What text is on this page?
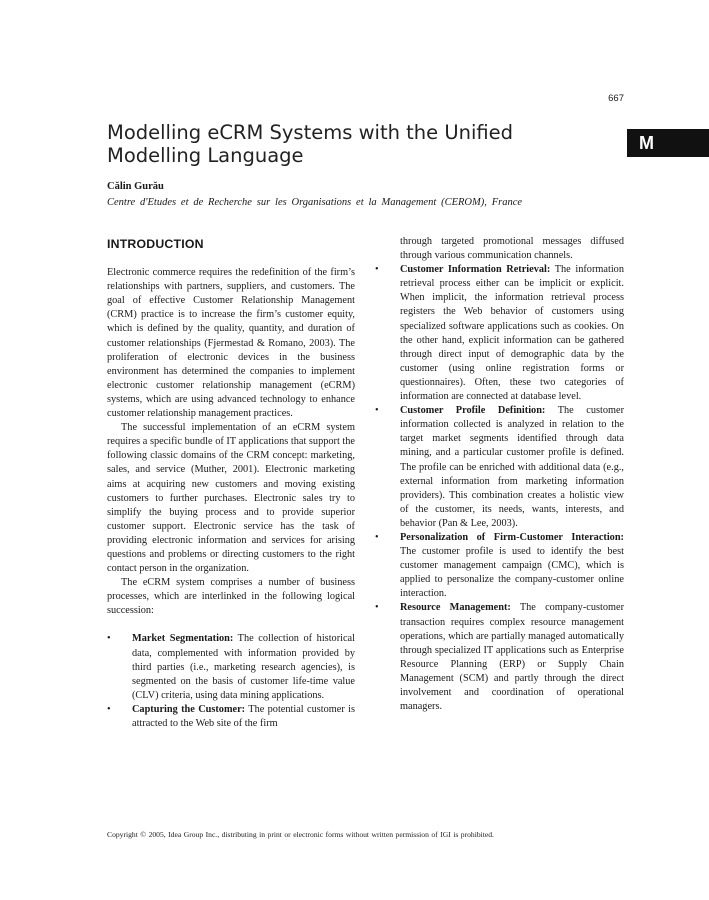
667
M
Modelling eCRM Systems with the Unified Modelling Language
Călin Gurău
Centre d'Etudes et de Recherche sur les Organisations et la Management (CEROM), France
INTRODUCTION

Electronic commerce requires the redefinition of the firm’s relationships with partners, suppliers, and customers. The goal of effective Customer Relationship Management (CRM) practice is to increase the firm’s customer equity, which is defined by the quality, quantity, and duration of customer relationships (Fjermestad & Romano, 2003). The proliferation of electronic devices in the business environment has determined the companies to implement electronic customer relationship management (eCRM) systems, which are using advanced technology to enhance customer relationship management practices.

The successful implementation of an eCRM system requires a specific bundle of IT applications that support the following classic domains of the CRM concept: marketing, sales, and service (Muther, 2001). Electronic marketing aims at acquiring new customers and moving existing customers to further purchases. Electronic sales try to simplify the buying process and to provide superior customer support. Electronic service has the task of providing electronic information and services for arising questions and problems or directing customers to the right contact person in the organization.

The eCRM system comprises a number of business processes, which are interlinked in the following logical succession:

• Market Segmentation: The collection of historical data, complemented with information provided by third parties (i.e., marketing research agencies), is segmented on the basis of customer life-time value (CLV) criteria, using data mining applications.
• Capturing the Customer: The potential customer is attracted to the Web site of the firm

through targeted promotional messages diffused through various communication channels.

• Customer Information Retrieval: The information retrieval process either can be implicit or explicit. When implicit, the information retrieval process registers the Web behavior of customers using specialized software applications such as cookies. On the other hand, explicit information can be gathered through direct input of demographic data by the customer (using online registration forms or questionnaires). Often, these two categories of information are connected at database level.
• Customer Profile Definition: The customer information collected is analyzed in relation to the target market segments identified through data mining, and a particular customer profile is defined. The profile can be enriched with additional data (e.g., external information from marketing information providers). This combination creates a holistic view of the customer, its needs, wants, interests, and behavior (Pan & Lee, 2003).
• Personalization of Firm-Customer Interaction: The customer profile is used to identify the best customer management campaign (CMC), which is applied to personalize the company-customer online interaction.
• Resource Management: The company-customer transaction requires complex resource management operations, which are partially managed automatically through specialized IT applications such as Enterprise Resource Planning (ERP) or Supply Chain Management (SCM) and partly through the direct involvement and coordination of operational managers.
Copyright © 2005, Idea Group Inc., distributing in print or electronic forms without written permission of IGI is prohibited.
